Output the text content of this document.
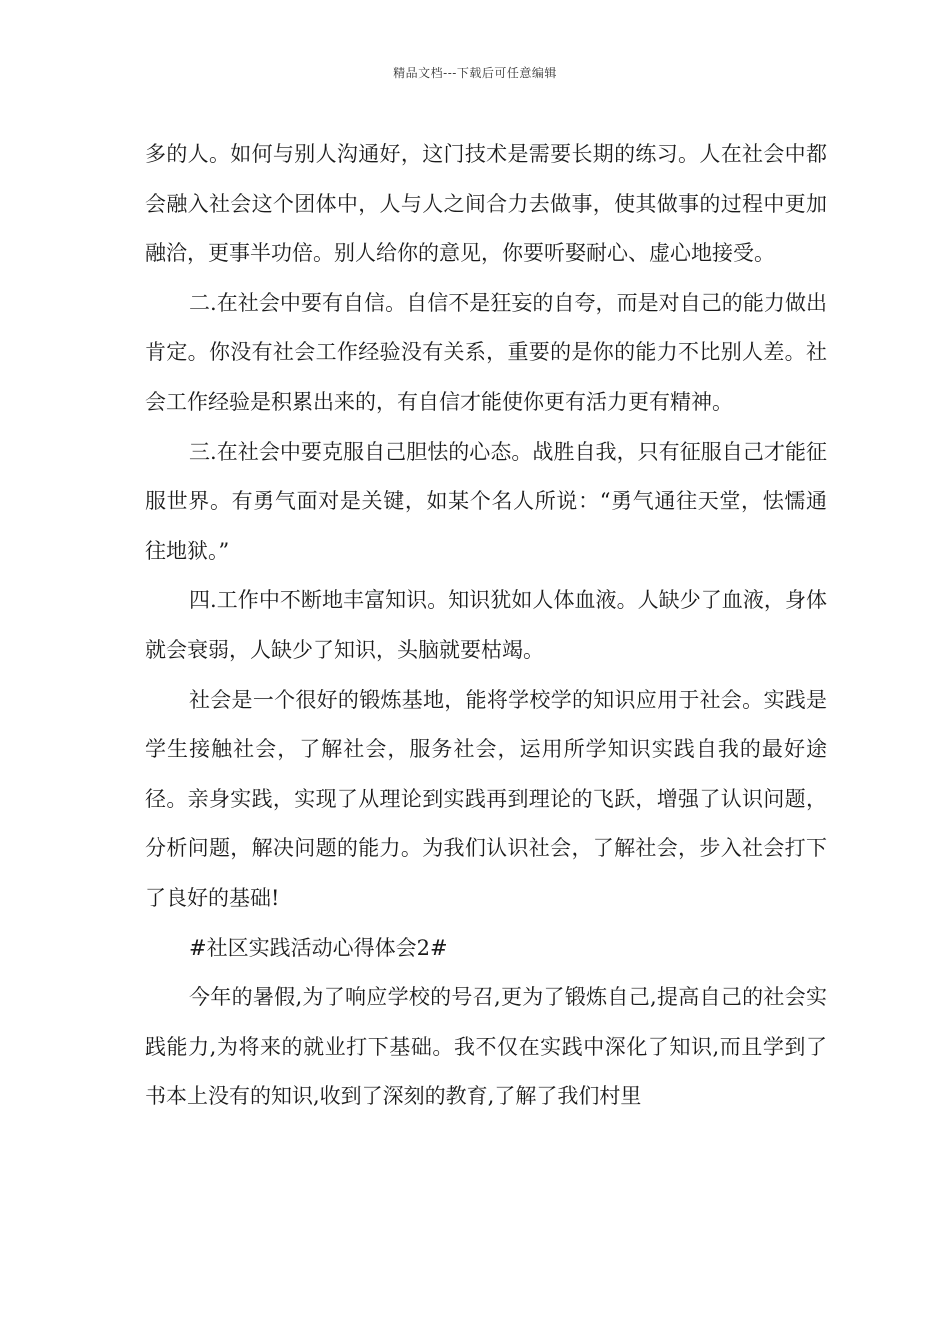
精品文档---下载后可任意编辑

多的人。如何与别人沟通好，这门技术是需要长期的练习。人在社会中都会融入社会这个团体中，人与人之间合力去做事，使其做事的过程中更加融洽，更事半功倍。别人给你的意见，你要听娶耐心、虚心地接受。

二.在社会中要有自信。自信不是狂妄的自夸，而是对自己的能力做出肯定。你没有社会工作经验没有关系，重要的是你的能力不比别人差。社会工作经验是积累出来的，有自信才能使你更有活力更有精神。

三.在社会中要克服自己胆怯的心态。战胜自我，只有征服自己才能征服世界。有勇气面对是关键，如某个名人所说：“勇气通往天堂，怯懦通往地狱。”

四.工作中不断地丰富知识。知识犹如人体血液。人缺少了血液，身体就会衰弱，人缺少了知识，头脑就要枯竭。

社会是一个很好的锻炼基地，能将学校学的知识应用于社会。实践是学生接触社会，了解社会，服务社会，运用所学知识实践自我的最好途径。亲身实践，实现了从理论到实践再到理论的飞跃，增强了认识问题，分析问题，解决问题的能力。为我们认识社会，了解社会，步入社会打下了良好的基础!

#社区实践活动心得体会2#

今年的暑假,为了响应学校的号召,更为了锻炼自己,提高自己的社会实践能力,为将来的就业打下基础。我不仅在实践中深化了知识,而且学到了书本上没有的知识,收到了深刻的教育,了解了我们村里
